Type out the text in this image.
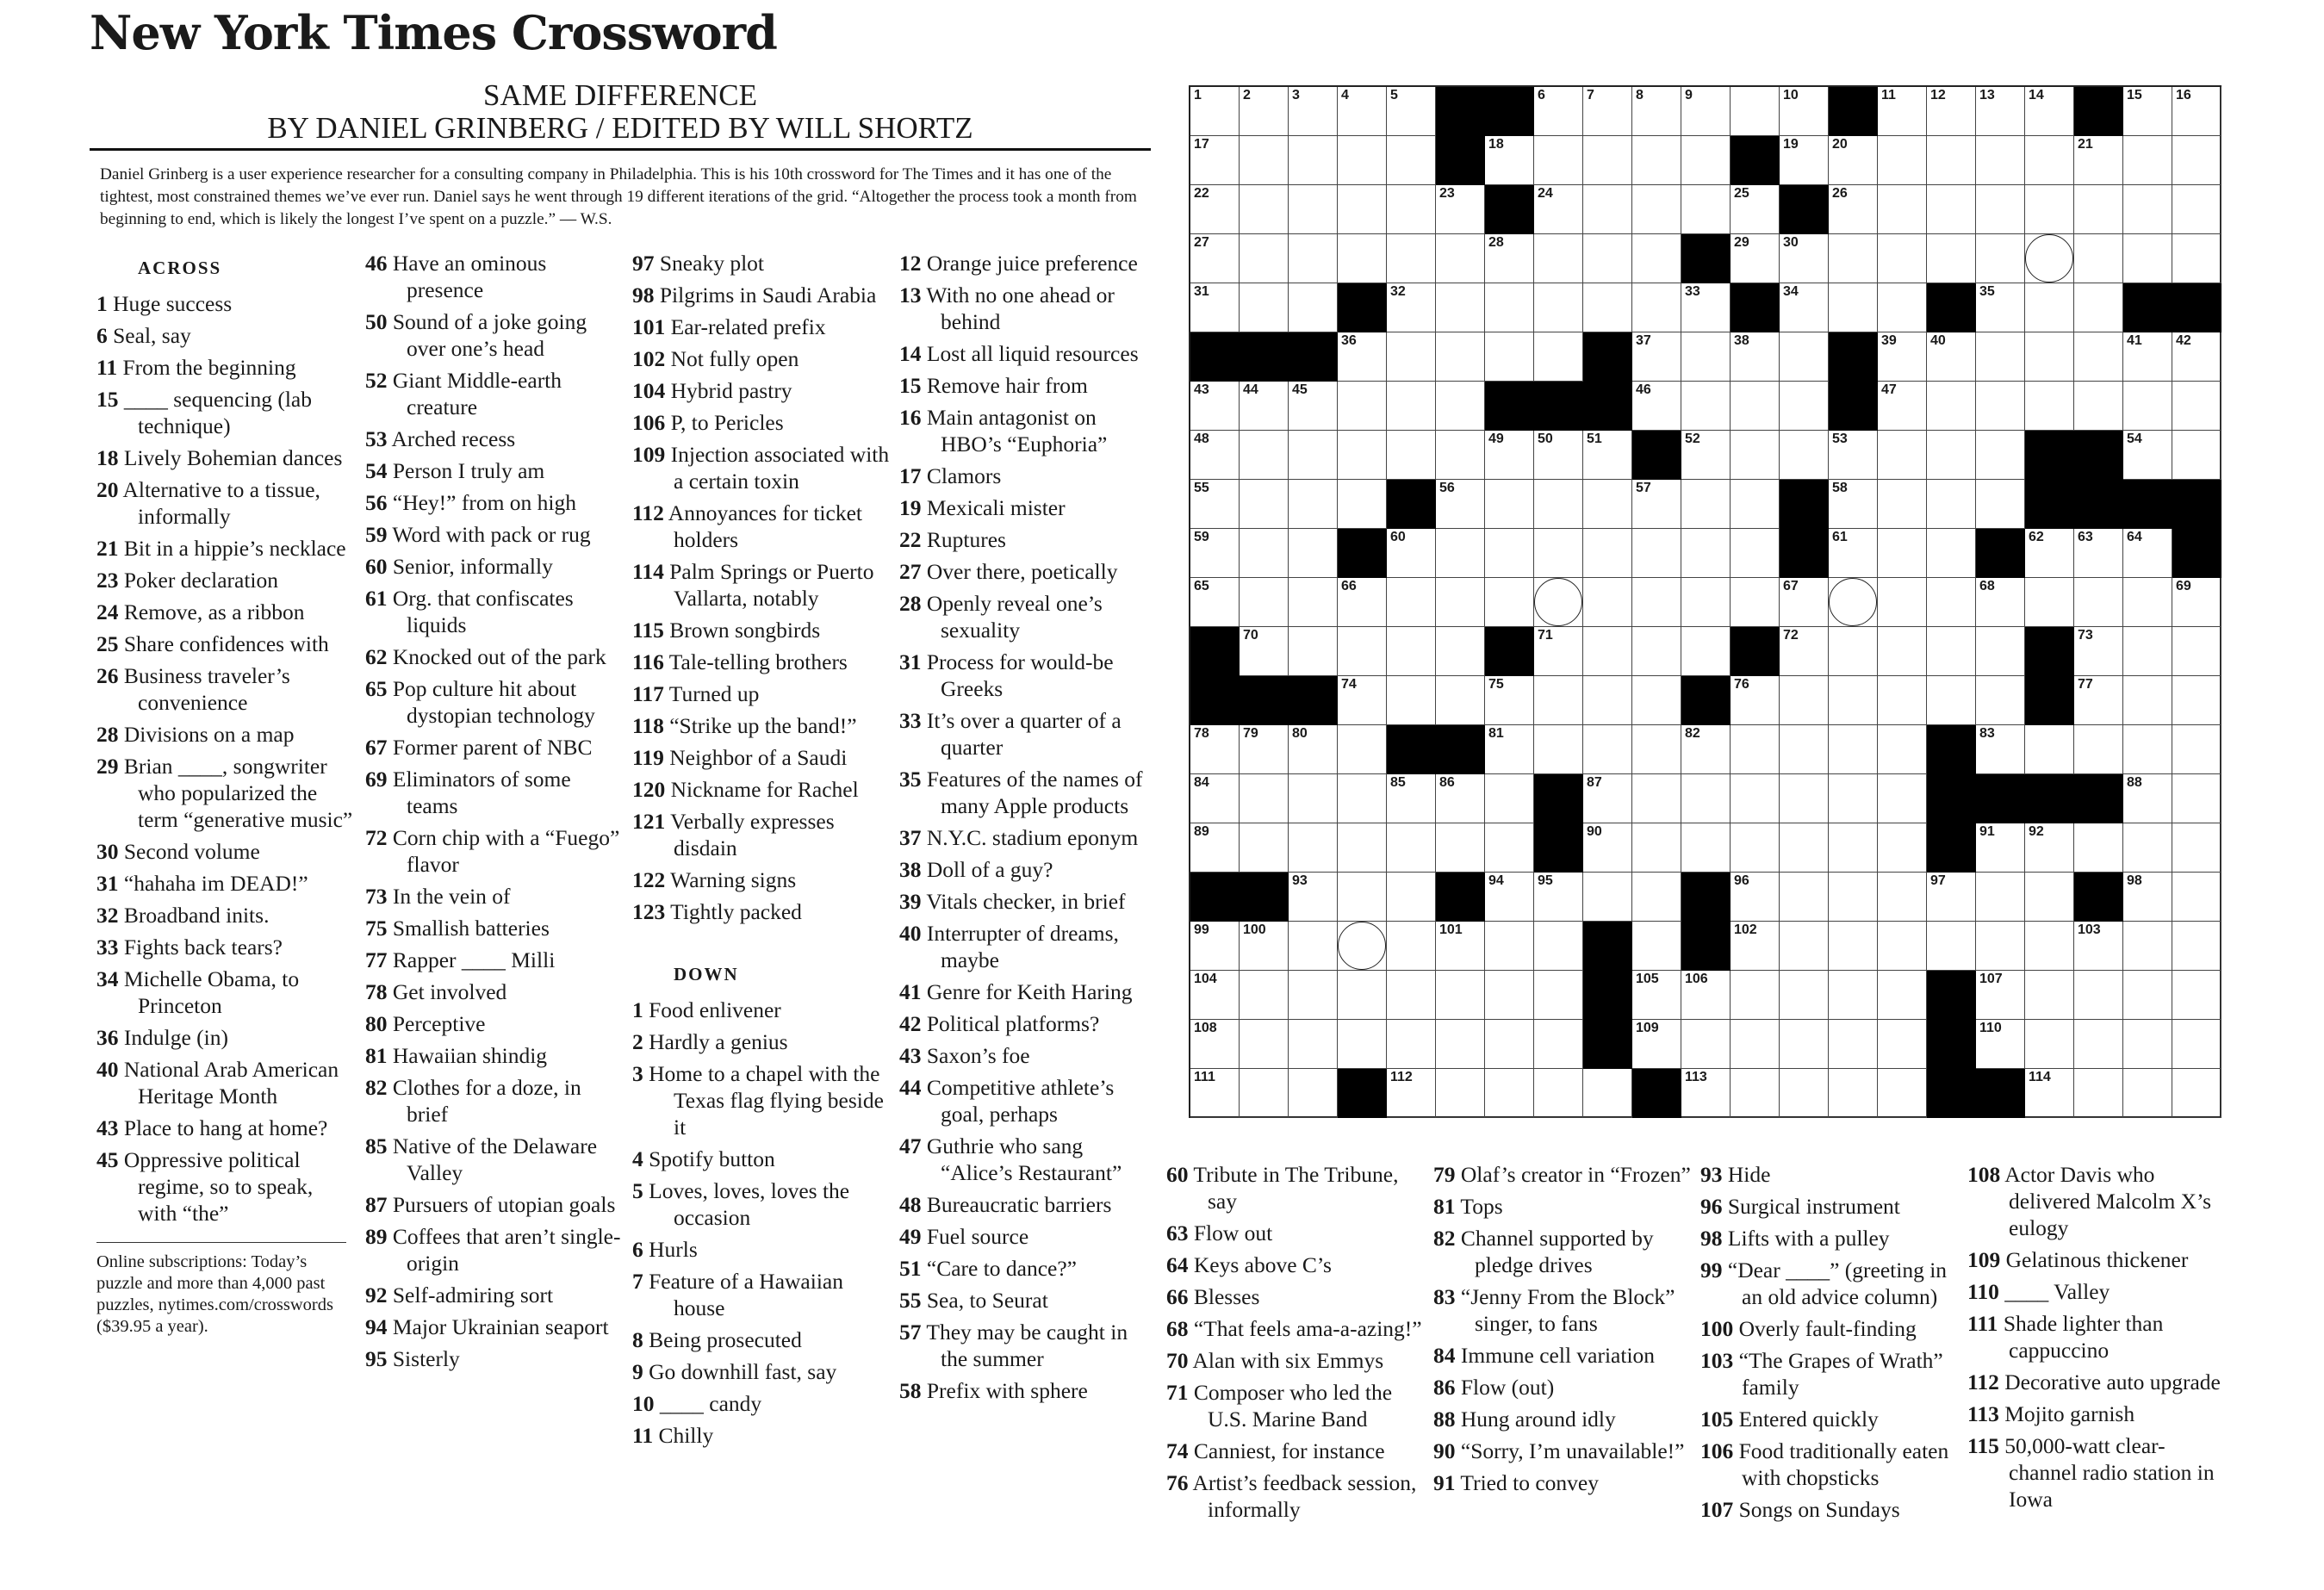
New York Times Crossword
SAME DIFFERENCE
BY DANIEL GRINBERG / EDITED BY WILL SHORTZ
Daniel Grinberg is a user experience researcher for a consulting company in Philadelphia. This is his 10th crossword for The Times and it has one of the tightest, most constrained themes we’ve ever run. Daniel says he went through 19 different iterations of the grid. “Altogether the process took a month from beginning to end, which is likely the longest I’ve spent on a puzzle.” — W.S.
ACROSS
1 Huge success
6 Seal, say
11 From the beginning
15 ____ sequencing (lab technique)
18 Lively Bohemian dances
20 Alternative to a tissue, informally
21 Bit in a hippie’s necklace
23 Poker declaration
24 Remove, as a ribbon
25 Share confidences with
26 Business traveler’s convenience
28 Divisions on a map
29 Brian ____, songwriter who popularized the term “generative music”
30 Second volume
31 “hahaha im DEAD!”
32 Broadband inits.
33 Fights back tears?
34 Michelle Obama, to Princeton
36 Indulge (in)
40 National Arab American Heritage Month
43 Place to hang at home?
45 Oppressive political regime, so to speak, with “the”
Online subscriptions: Today’s puzzle and more than 4,000 past puzzles, nytimes.com/crosswords ($39.95 a year).
46 Have an ominous presence
50 Sound of a joke going over one’s head
52 Giant Middle-earth creature
53 Arched recess
54 Person I truly am
56 “Hey!” from on high
59 Word with pack or rug
60 Senior, informally
61 Org. that confiscates liquids
62 Knocked out of the park
65 Pop culture hit about dystopian technology
67 Former parent of NBC
69 Eliminators of some teams
72 Corn chip with a “Fuego” flavor
73 In the vein of
75 Smallish batteries
77 Rapper ____ Milli
78 Get involved
80 Perceptive
81 Hawaiian shindig
82 Clothes for a doze, in brief
85 Native of the Delaware Valley
87 Pursuers of utopian goals
89 Coffees that aren’t single-origin
92 Self-admiring sort
94 Major Ukrainian seaport
95 Sisterly
97 Sneaky plot
98 Pilgrims in Saudi Arabia
101 Ear-related prefix
102 Not fully open
104 Hybrid pastry
106 P, to Pericles
109 Injection associated with a certain toxin
112 Annoyances for ticket holders
114 Palm Springs or Puerto Vallarta, notably
115 Brown songbirds
116 Tale-telling brothers
117 Turned up
118 “Strike up the band!”
119 Neighbor of a Saudi
120 Nickname for Rachel
121 Verbally expresses disdain
122 Warning signs
123 Tightly packed
DOWN
1 Food enlivener
2 Hardly a genius
3 Home to a chapel with the Texas flag flying beside it
4 Spotify button
5 Loves, loves, loves the occasion
6 Hurls
7 Feature of a Hawaiian house
8 Being prosecuted
9 Go downhill fast, say
10 ____ candy
11 Chilly
12 Orange juice preference
13 With no one ahead or behind
14 Lost all liquid resources
15 Remove hair from
16 Main antagonist on HBO’s “Euphoria”
17 Clamors
19 Mexicali mister
22 Ruptures
27 Over there, poetically
28 Openly reveal one’s sexuality
31 Process for would-be Greeks
33 It’s over a quarter of a quarter
35 Features of the names of many Apple products
37 N.Y.C. stadium eponym
38 Doll of a guy?
39 Vitals checker, in brief
40 Interrupter of dreams, maybe
41 Genre for Keith Haring
42 Political platforms?
43 Saxon’s foe
44 Competitive athlete’s goal, perhaps
47 Guthrie who sang “Alice’s Restaurant”
48 Bureaucratic barriers
49 Fuel source
51 “Care to dance?”
55 Sea, to Seurat
57 They may be caught in the summer
58 Prefix with sphere
60 Tribute in The Tribune, say
63 Flow out
64 Keys above C’s
66 Blesses
68 “That feels ama-a-azing!”
70 Alan with six Emmys
71 Composer who led the U.S. Marine Band
74 Canniest, for instance
76 Artist’s feedback session, informally
79 Olaf’s creator in “Frozen”
81 Tops
82 Channel supported by pledge drives
83 “Jenny From the Block” singer, to fans
84 Immune cell variation
86 Flow (out)
88 Hung around idly
90 “Sorry, I’m unavailable!”
91 Tried to convey
93 Hide
96 Surgical instrument
98 Lifts with a pulley
99 “Dear ____” (greeting in an old advice column)
100 Overly fault-finding
103 “The Grapes of Wrath” family
105 Entered quickly
106 Food traditionally eaten with chopsticks
107 Songs on Sundays
108 Actor Davis who delivered Malcolm X’s eulogy
109 Gelatinous thickener
110 ____ Valley
111 Shade lighter than cappuccino
112 Decorative auto upgrade
113 Mojito garnish
115 50,000-watt clear-channel radio station in Iowa
1	2	3	4	5	6	7	8	9	10	11	12 13 14	15 16
17	18	19 20	21
22	23	24	25	26
27	28	29 30
31	32	33	34	35
36	37	38	39 40	41 42
43 44 45	46	47
48	49 50 51	52	53	54
55	56	57	58
59	60	61	62 63 64
65	66	67	68	69
70	71	72	73
74	75	76	77
78 79 80	81	82	83
84	85 86	87	88
89	90	91 92
93	94 95	96	97	98
99 100	101	102	103
104	105 106	107
108	109	110
111	112	113	114
